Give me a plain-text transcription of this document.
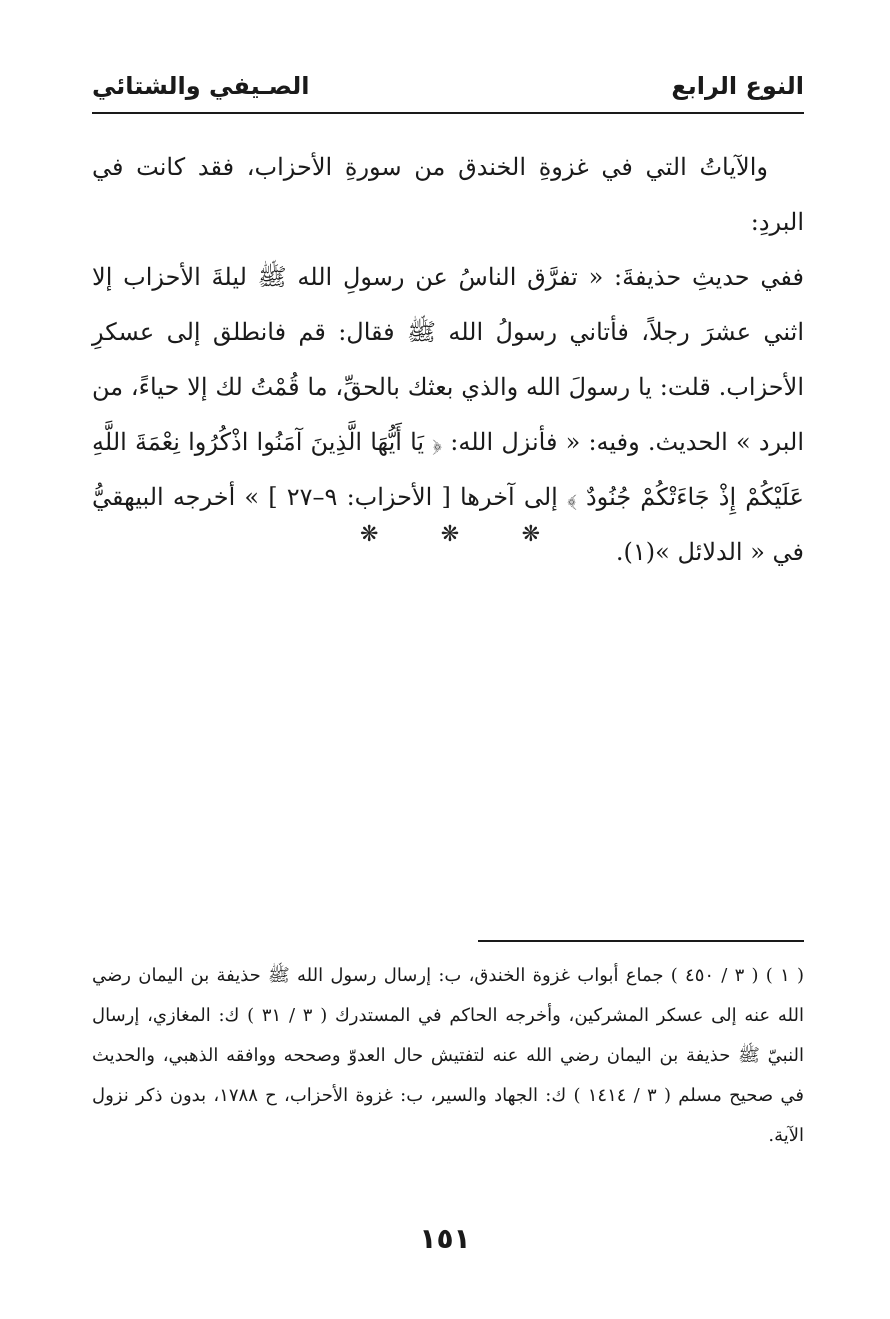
النوع الرابع
الصـيفي والشتائي

والآياتُ التي في غزوةِ الخندق من سورةِ الأحزاب، فقد كانت في البردِ:

ففي حديثِ حذيفةَ: « تفرَّق الناسُ عن رسولِ الله ﷺ ليلةَ الأحزاب إلا اثني عشرَ رجلاً، فأتاني رسولُ الله ﷺ فقال: قم فانطلق إلى عسكرِ الأحزاب. قلت: يا رسولَ الله والذي بعثك بالحقِّ، ما قُمْتُ لك إلا حياءً، من البرد » الحديث. وفيه: « فأنزل الله: ﴿ يَا أَيُّهَا الَّذِينَ آمَنُوا اذْكُرُوا نِعْمَةَ اللَّهِ عَلَيْكُمْ إِذْ جَاءَتْكُمْ جُنُودٌ ﴾ إلى آخرها [ الأحزاب: ٩–٢٧ ] » أخرجه البيهقيُّ في « الدلائل »(١).

❋	❋	❋

( ١ ) ( ٣ / ٤٥٠ ) جماع أبواب غزوة الخندق، ب: إرسال رسول الله ﷺ حذيفة بن اليمان رضي الله عنه إلى عسكر المشركين، وأخرجه الحاكم في المستدرك ( ٣ / ٣١ ) ك: المغازي، إرسال النبيّ ﷺ حذيفة بن اليمان رضي الله عنه لتفتيش حال العدوّ وصححه ووافقه الذهبي، والحديث في صحيح مسلم ( ٣ / ١٤١٤ ) ك: الجهاد والسير، ب: غزوة الأحزاب، ح ١٧٨٨، بدون ذكر نزول الآية.

١٥١
